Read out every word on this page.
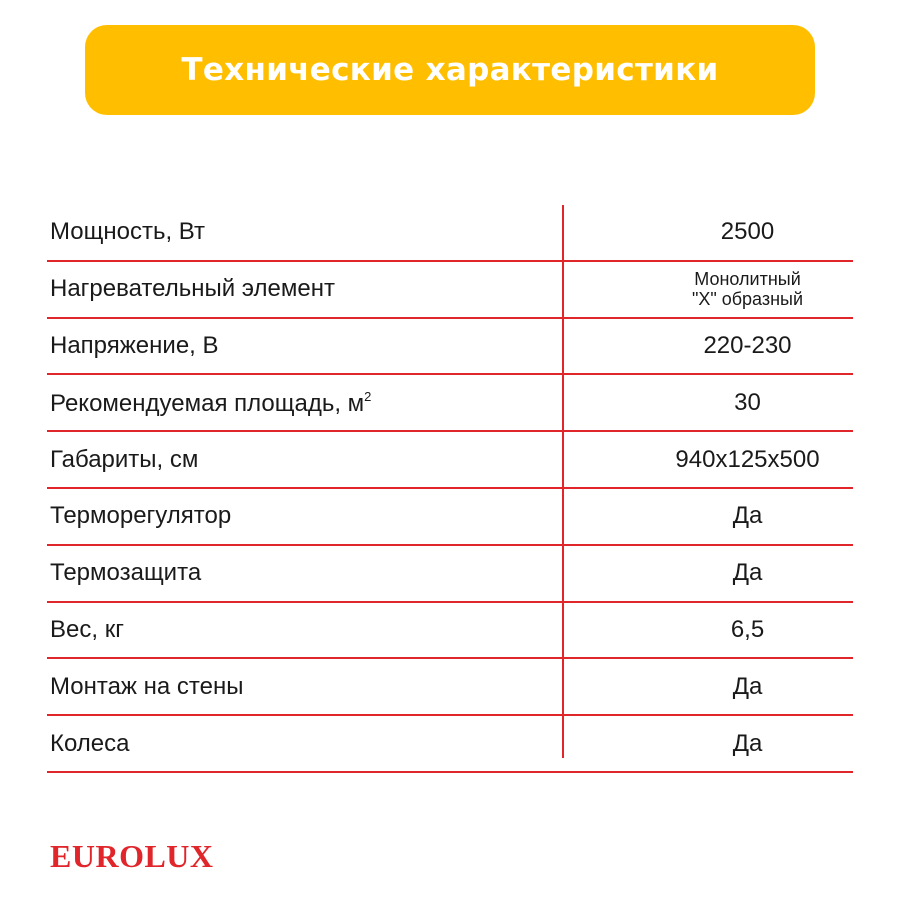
Технические характеристики
Мощность, Вт	2500
Нагревательный элемент	Монолитный
"X" образный
Напряжение, В	220-230
Рекомендуемая площадь, $м^2$	30
Габариты, см	940х125х500
Терморегулятор	Да
Термозащита	Да
Вес, кг	6,5
Монтаж на стены	Да
Колеса	Да
EUROLUX
